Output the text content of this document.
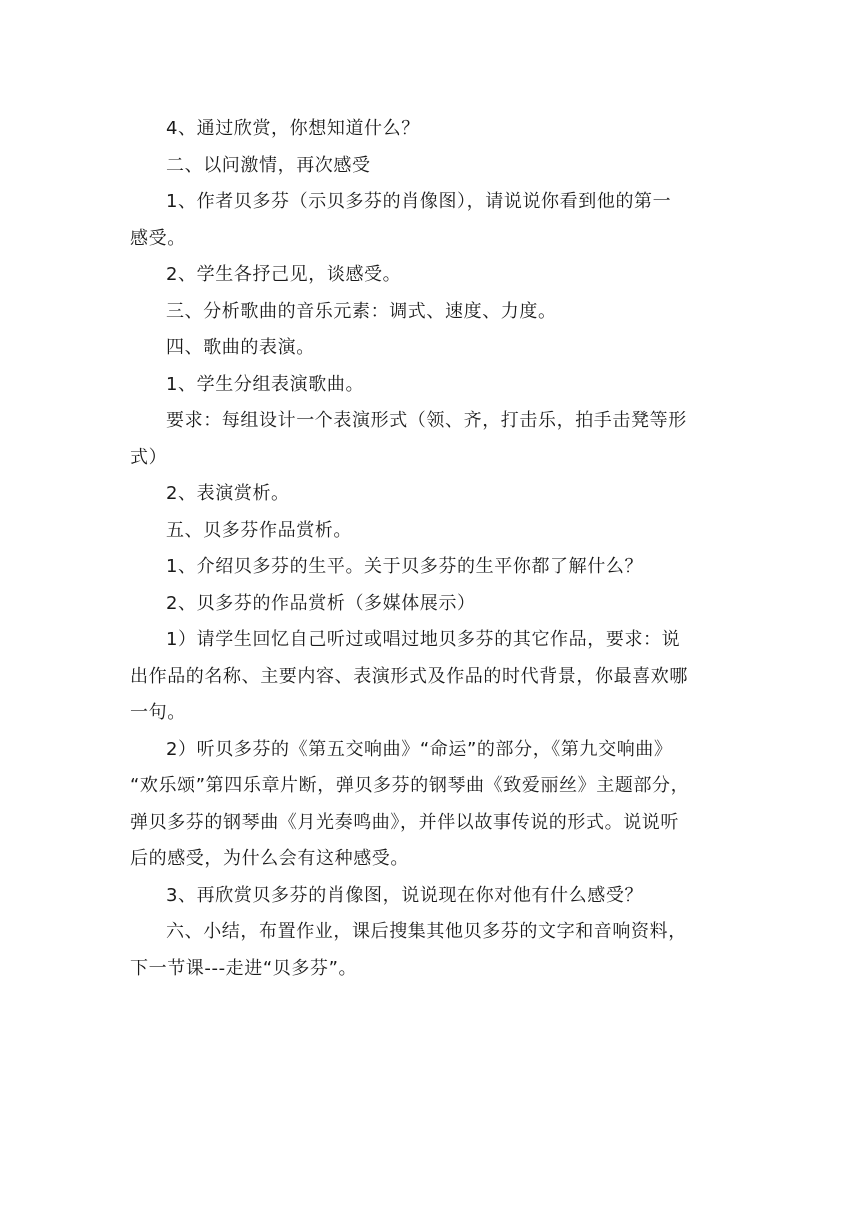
4、通过欣赏，你想知道什么？

二、以问激情，再次感受

1、作者贝多芬（示贝多芬的肖像图），请说说你看到他的第一

感受。

2、学生各抒己见，谈感受。

三、分析歌曲的音乐元素：调式、速度、力度。

四、歌曲的表演。

1、学生分组表演歌曲。

要求：每组设计一个表演形式（领、齐，打击乐，拍手击凳等形

式）

2、表演赏析。

五、贝多芬作品赏析。

1、介绍贝多芬的生平。关于贝多芬的生平你都了解什么？

2、贝多芬的作品赏析（多媒体展示）

1）请学生回忆自己听过或唱过地贝多芬的其它作品，要求：说

出作品的名称、主要内容、表演形式及作品的时代背景，你最喜欢哪

一句。

2）听贝多芬的《第五交响曲》“命运”的部分，《第九交响曲》

“欢乐颂”第四乐章片断，弹贝多芬的钢琴曲《致爱丽丝》主题部分，

弹贝多芬的钢琴曲《月光奏鸣曲》，并伴以故事传说的形式。说说听

后的感受，为什么会有这种感受。

3、再欣赏贝多芬的肖像图，说说现在你对他有什么感受？

六、小结，布置作业，课后搜集其他贝多芬的文字和音响资料，

下一节课---走进“贝多芬”。
